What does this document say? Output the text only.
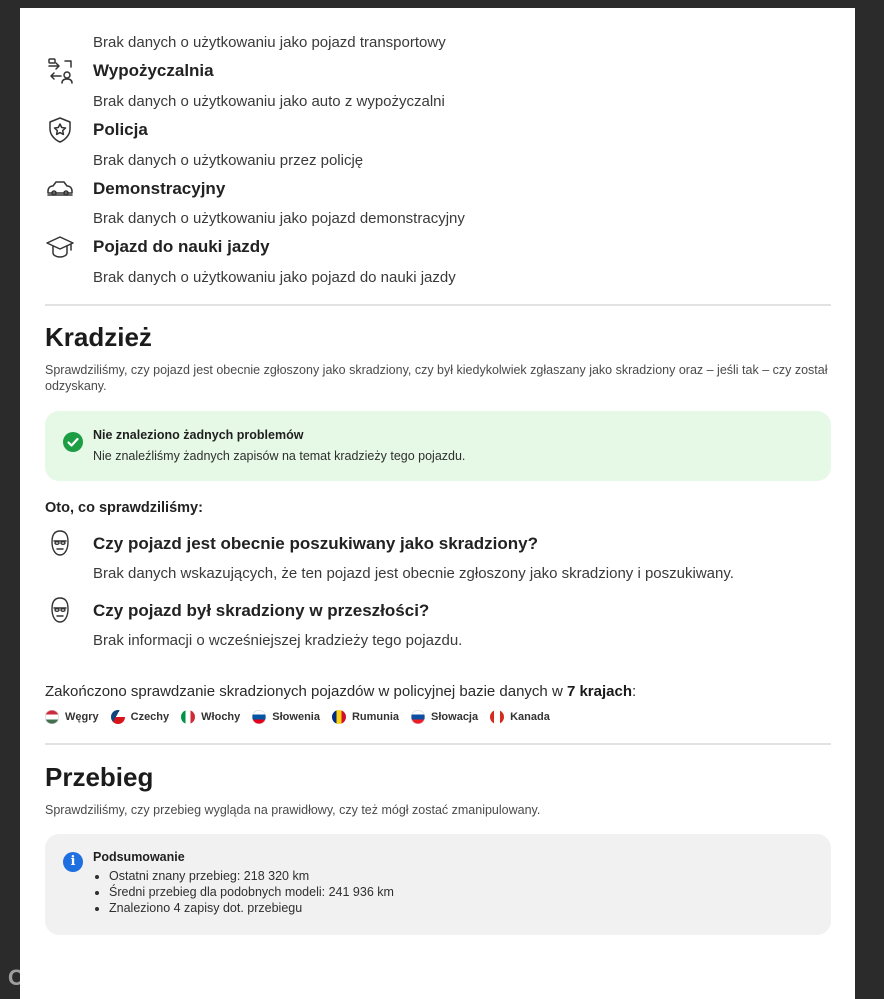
Brak danych o użytkowaniu jako pojazd transportowy
Wypożyczalnia
Brak danych o użytkowaniu jako auto z wypożyczalni
Policja
Brak danych o użytkowaniu przez policję
Demonstracyjny
Brak danych o użytkowaniu jako pojazd demonstracyjny
Pojazd do nauki jazdy
Brak danych o użytkowaniu jako pojazd do nauki jazdy
Kradzież
Sprawdziliśmy, czy pojazd jest obecnie zgłoszony jako skradziony, czy był kiedykolwiek zgłaszany jako skradziony oraz – jeśli tak – czy został odzyskany.
Nie znaleziono żadnych problemów
Nie znaleźliśmy żadnych zapisów na temat kradzieży tego pojazdu.
Oto, co sprawdziliśmy:
Czy pojazd jest obecnie poszukiwany jako skradziony?
Brak danych wskazujących, że ten pojazd jest obecnie zgłoszony jako skradziony i poszukiwany.
Czy pojazd był skradziony w przeszłości?
Brak informacji o wcześniejszej kradzieży tego pojazdu.
Zakończono sprawdzanie skradzionych pojazdów w policyjnej bazie danych w 7 krajach:
Węgry	Czechy	Włochy	Słowenia	Rumunia	Słowacja	Kanada
Przebieg
Sprawdziliśmy, czy przebieg wygląda na prawidłowy, czy też mógł zostać zmanipulowany.
i	Podsumowanie
• Ostatni znany przebieg: 218 320 km
• Średni przebieg dla podobnych modeli: 241 936 km
• Znaleziono 4 zapisy dot. przebiegu
OTOMOTO
